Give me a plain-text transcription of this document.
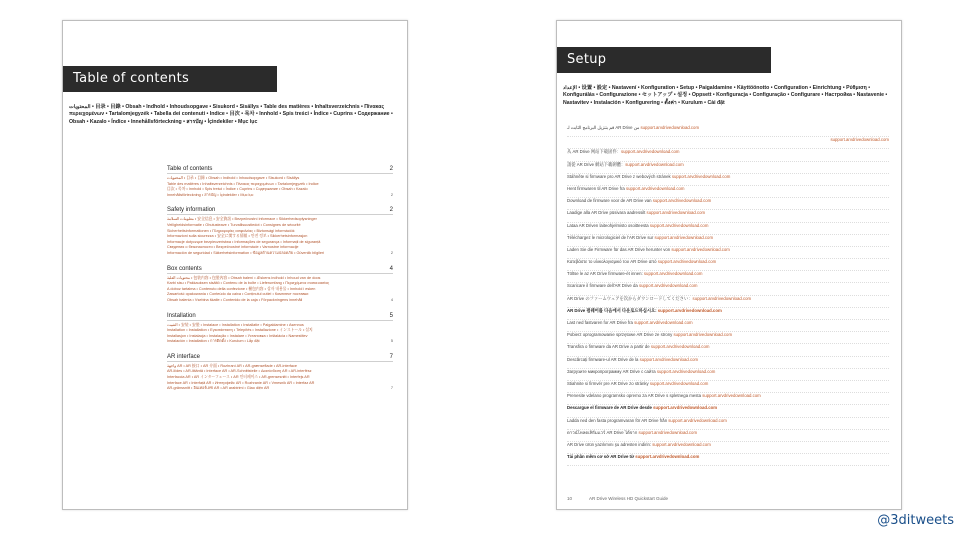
Table of contents
المحتويات • 目录 • 目錄 • Obsah • Indhold • Inhoudsopgave • Sisukord • Sisällys • Table des matières • Inhaltsverzeichnis • Πίνακας περιεχομένων • Tartalomjegyzék • Tabella dei contenuti • Indice • 目次 • 목차 • Innhold • Spis treści • Índice • Cuprins • Содержание • Obsah • Kazalo • Índice • Innehållsförteckning • สารบัญ • İçindekiler • Mục lục
Table of contents	2
المحتويات • 目录 • 目錄 • Obsah • Indhold • Inhoudsopgave • Sisukord • Sisällys
Table des matières • Inhaltsverzeichnis • Πίνακας περιεχομένων • Tartalomjegyzék • Indice
目次 • 목차 • Innhold • Spis treści • Índice • Cuprins • Содержание • Obsah • Kazalo
Innehållsförteckning • สารบัญ • İçindekiler • Mục lục	2
Safety information	2
معلومات السلامة • 安全信息 • 安全資訊 • Bezpečnostní informace • Sikkerhedsoplysninger
Veiligheidsinformatie • Ohutusteave • Turvallisuustiedot • Consignes de sécurité
Sicherheitsinformationen • Πληροφορίες ασφαλείας • Biztonsági információk
Informazioni sulla sicurezza • 安全に関する情報 • 안전 정보 • Sikkerhetsinformasjon
Informacje dotyczące bezpieczeństwa • Informações de segurança • Informații de siguranță
Сведения о безопасности • Bezpečnostné informácie • Varnostne informacije
Información de seguridad • Säkerhetsinformation • ข้อมูลด้านความปลอดภัย • Güvenlik bilgileri	2
Box contents	4
محتويات العلبة • 包装内容 • 包裝內容 • Obsah balení • Æskens indhold • Inhoud van de doos
Karbi sisu • Pakkauksen sisältö • Contenu de la boîte • Lieferumfang • Περιεχόμενα συσκευασίας
A doboz tartalma • Contenuto della confezione • 梱包内容 • 상자 내용물 • Innhold i esken
Zawartość opakowania • Conteúdo da caixa • Conținutul cutiei • Комплект поставки
Obsah balenia • Vsebina škatle • Contenido de la caja • Förpackningens innehåll	4
Installation	5
التثبيت • 安装 • 安裝 • Instalace • Installation • Installatie • Paigaldamine • Asennus
Installation • Installation • Εγκατάσταση • Telepítés • Installazione • インストール • 설치
Installasjon • Instalacja • Instalação • Instalare • Установка • Inštalácia • Namestitev
Instalación • Installation • การติดตั้ง • Kurulum • Lắp đặt	5
AR interface	7
واجهة AR • AR 接口 • AR 介面 • Rozhraní AR • AR-grænseflade • AR-interface
AR-liides • AR-liitäntä • Interface AR • AR-Schnittstelle • Διασύνδεση AR • AR-interfész
Interfaccia AR • AR インターフェース • AR 인터페이스 • AR-grensesnitt • Interfejs AR
Interface AR • Interfață AR • Интерфейс AR • Rozhranie AR • Vmesnik AR • Interfaz AR
AR-gränssnitt • อินเทอร์เฟซ AR • AR arabirimi • Giao diện AR	7
Setup
الإعداد • 设置 • 設定 • Nastavení • Konfiguration • Setup • Paigaldamine • Käyttöönotto • Configuration • Einrichtung • Ρύθμιση • Konfigurálás • Configurazione • セットアップ • 설정 • Oppsett • Konfiguracja • Configuração • Configurare • Настройка • Nastavenie • Nastavitev • Instalación • Konfigurering • ตั้งค่า • Kurulum • Cài đặt
قم بتنزيل البرنامج الثابت لـ AR Drive من support.arvdrivedownload.com
support.arvdrivedownload.com
从 AR Drive 网站下载固件：support.arvdrivedownload.com
請從 AR Drive 網站下載韌體：support.arvdrivedownload.com
Stáhněte si firmware pro AR Drive z webových stránek support.arvdrivedownload.com
Hent firmwaren til AR Drive fra support.arvdrivedownload.com
Download de firmware voor de AR Drive van support.arvdrivedownload.com
Laadige alla AR Drive püsivara aadressilt support.arvdrivedownload.com
Lataa AR Driven laiteohjelmisto osoitteesta support.arvdrivedownload.com
Téléchargez le micrologiciel de l'AR Drive sur support.arvdrivedownload.com
Laden Sie die Firmware für das AR Drive herunter von support.arvdrivedownload.com
Κατεβάστε το υλικολογισμικό του AR Drive από support.arvdrivedownload.com
Töltse le az AR Drive firmware-ét innen: support.arvdrivedownload.com
Scaricare il firmware dell'AR Drive da support.arvdrivedownload.com
AR Drive のファームウェアを次からダウンロードしてください：support.arvdrivedownload.com
AR Drive 펌웨어를 다음에서 다운로드하십시오: support.arvdrivedownload.com
Last ned fastvaren for AR Drive fra support.arvdrivedownload.com
Pobierz oprogramowanie sprzętowe AR Drive ze strony support.arvdrivedownload.com
Transfira o firmware da AR Drive a partir de support.arvdrivedownload.com
Descărcați firmware-ul AR Drive de la support.arvdrivedownload.com
Загрузите микропрограмму AR Drive с сайта support.arvdrivedownload.com
Stiahnite si firmvér pre AR Drive zo stránky support.arvdrivedownload.com
Prenesite vdelano programsko opremo za AR Drive s spletnega mesta support.arvdrivedownload.com
Descargue el firmware de AR Drive desde support.arvdrivedownload.com
Ladda ned den fasta programvaran för AR Drive från support.arvdrivedownload.com
ดาวน์โหลดเฟิร์มแวร์ AR Drive ได้จาก support.arvdrivedownload.com
AR Drive ürün yazılımını şu adresten indirin: support.arvdrivedownload.com
Tải phần mềm cơ sở AR Drive từ support.arvdrivedownload.com
10	AR Drive Wireless HD Quickstart Guide
@3ditweets
